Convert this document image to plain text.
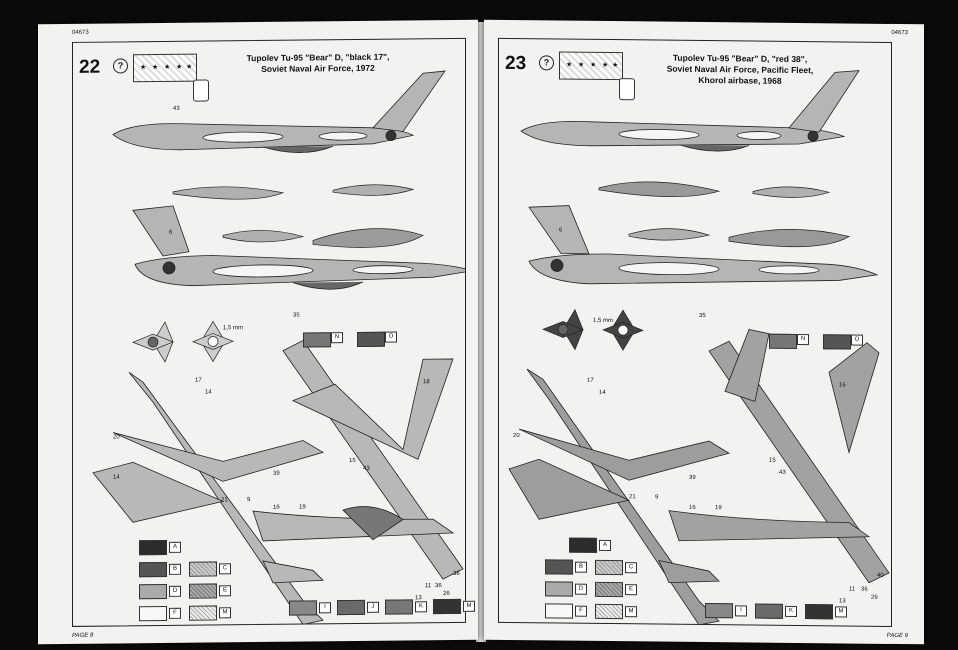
04673
22	?	★ ★ ★ ★ ★
Tupolev Tu-95 "Bear" D, "black 17",
Soviet Naval Air Force, 1972
43
17
14
20
14
21	9
39
16	19
15
43
13
11 36
26
38
18
6
35
1,5 mm
N	O
A
B	C
D	E
F	M
I	J	K	M
PAGE 8
04673
23	?	★ ★ ★ ★ ★
Tupolev Tu-95 "Bear" D, "red 38",
Soviet Naval Air Force, Pacific Fleet,
Khorol airbase, 1968
17
14
20
21	9
39
16	19
15
43
13
11 36
26
40
16
6
35
1,5 mm
N	O
A
B	C
D	E
F	M	I	K	M
PAGE 9
